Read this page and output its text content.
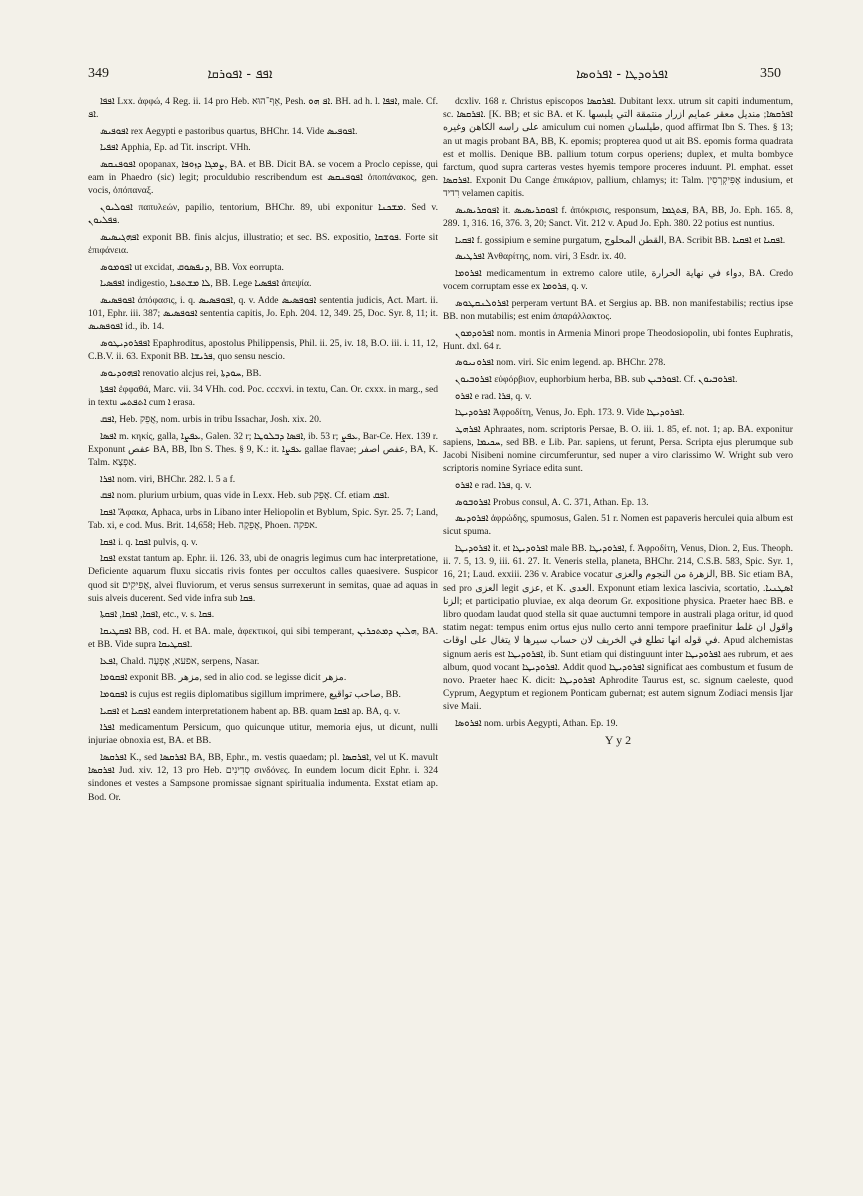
349	ܐܦܦ - ܐܦܘܪܩܐ	ܐܦܪܘܕܛܐ - ܐܦܪܘܣܐ	350

ܐܦܦܐ Lxx. ἀφφώ, 4 Reg. ii. 14 pro Heb. אֵף־הוּא, Pesh. ܐܦ ܗܘ. BH. ad h. l. ܐܦܦܐ, male. Cf. ܐܦ.

ܐܦܘܦܝܣ rex Aegypti e pastoribus quartus, BHChr. 14. Vide ܐܦܘܦܝܣ.

ܐܦܦܝܐ Apphia, Ep. ad Tit. inscript. VHh.

ܐܦܘܦܢܩܣ opopanax, ܨܡܓܐ ܕܙܘܦܐ, BA. et BB. Dicit BA. se vocem a Proclo cepisse, qui eam in Phaedro (sic) legit; proculdubio rescribendum est ܐܦܘܦܢܩܣ ὀποπάνακος, gen. vocis, ὀπόπαναξ.

ܐܦܘܠܝܘܢ παπυλεών, papilio, tentorium, BHChr. 89, ubi exponitur ܡܫܟܢܐ. Sed v. ܦܦܠܝܘܢ.

ܐܦܗܓܝܣܝܣ exponit BB. finis alcjus, illustratio; et sec. BS. expositio, ܦܘܫܩܐ. Forte sit ἐπιφάνεια.

ܐܦܘܡܘܣ ut excidat, ܕܢܦܣܘܩ, BB. Vox eorrupta.

ܐܦܦܣܝܐ indigestio, ܠܐ ܡܫܬܦܝܐ, BB. Lege ܐܦܦܣܝܐ ἀπεψία.

ܐܦܘܦܣܝܣ ἀπόφασις, i. q. ܐܦܘܦܣܝܣ, q. v. Adde ܐܦܘܦܣܝܣ sententia judicis, Act. Mart. ii. 101, Ephr. iii. 387; ܐܦܘܦܣܝܣ sententia capitis, Jo. Eph. 204. 12, 349. 25, Doc. Syr. 8, 11; it. ܐܦܘܦܣܝܣ id., ib. 14.

ܐܦܦܪܘܕܝܛܘܣ Epaphroditus, apostolus Philippensis, Phil. ii. 25, iv. 18, B.O. iii. i. 11, 12, C.B.V. ii. 63. Exponit BB. ܦܪܝܫܐ, quo sensu nescio.

ܐܦܗܘܕܝܘܣ renovatio alcjus rei, ܚܘܕܬܐ, BB.

ܐܦܦܬܐ ἐφφαθά, Marc. vii. 34 VHh. cod. Poc. cccxvi. in textu, Can. Or. cxxx. in marg., sed in textu ܐܬܦܬܚ cum ܐ erasa.

ܐܦܩ, Heb. אֲפֵק, nom. urbis in tribu Issachar, Josh. xix. 20.

ܐܦܣܐ m. κηκίς, galla, ܥܦܨܐ, Galen. 32 r; ܐܦܣܐ ܕܒܠܘܛܐ, ib. 53 r; ܥܦܨ, Bar-Ce. Hex. 139 r. Exponunt عفص BA, BB, Ibn S. Thes. § 9, K.: it. ܥܦܨܐ gallae flavae; عفص اصفر, BA, K. Talm. אַפְצָא.

ܐܦܪܐ nom. viri, BHChr. 282. l. 5 a f.

ܐܦܩ nom. plurium urbium, quas vide in Lexx. Heb. sub אֲפֵק. Cf. etiam ܐܦܩ.

ܐܦܩܐ Ἄφακα, Aphaca, urbs in Libano inter Heliopolin et Byblum, Spic. Syr. 25. 7; Land, Tab. xi, e cod. Mus. Brit. 14,658; Heb. אֲפֵקָה, Phoen. אפקה.

ܐܦܩܐ i. q. ܐܦܩܐ pulvis, q. v.

ܐܦܩܐ exstat tantum ap. Ephr. ii. 126. 33, ubi de onagris legimus cum hac interpretatione, Deficiente aquarum fluxu siccatis rivis fontes per occultos calles quaesivere. Suspicor quod sit אֲפִיקִים, alvei fluviorum, et verus sensus surrexerunt in semitas, quae ad aquas in suis alveis ducerent. Sed vide infra sub ܦܩܐ.

ܐܦܩܐ, ܐܦܩܐ, ܐܦܩܬܐ, etc., v. s. ܦܩܐ.

ܐܦܩܛܝܩܐ BB, cod. H. et BA. male, ἀφεκτικοί, qui sibi temperant, ܗܠܝܢ ܕܡܬܟܪܝܢ, BA. et BB. Vide supra ܐܦܩܛܝܩܐ.

ܐܦܥܐ, Chald. אפעא, אֶפְעֶה, serpens, Nasar.

ܐܦܩܘܡܐ exponit BB. مزهر, sed in alio cod. se legisse dicit مزهر.

ܐܦܩܘܡܐ is cujus est regiis diplomatibus sigillum imprimere, صاحب تواقيع, BB.

ܐܦܩܝܐ et ܐܦܩܝܐ eandem interpretationem habent ap. BB. quam ܐܦܩܐ ap. BA, q. v.

ܐܦܪܐ medicamentum Persicum, quo quicunque utitur, memoria ejus, ut dicunt, nulli injuriae obnoxia est, BA. et BB.

ܐܦܪܩܣܐ K., sed ܐܦܪܩܣܐ BA, BB, Ephr., m. vestis quaedam; pl. ܐܦܪܩܣܐ, vel ut K. mavult ܐܦܪܩܣܐ Jud. xiv. 12, 13 pro Heb. סְדִינִים σινδόνες. In eundem locum dicit Ephr. i. 324 sindones et vestes a Sampsone promissae signant spiritualia indumenta. Exstat etiam ap. Bod. Or.

dcxliv. 168 r. Christus episcopos ܐܦܪܩܣܐ. Dubitant lexx. utrum sit capiti indumentum, sc. ܐܦܪܩܣܐ. [K. BB; et sic BA. et K. ܐܦܪܩܣܐ; منديل معقر عمايم ازرار منتمقة التي يلبسها على راسه الكاهن وغيره amiculum cui nomen طيلسان, quod affirmat Ibn S. Thes. § 13; an ut magis probant BA, BB, K. epomis; propterea quod ut ait BS. epomis forma quadrata est et mollis. Denique BB. pallium totum corpus operiens; duplex, et multa bombyce farctum, quod supra carteras vestes hyemis tempore proceres induunt. Pl. emphat. esset ܐܦܪܩܣܐ. Exponit Du Cange ἐπικάριον, pallium, chlamys; it: Talm. אֶפִּיקְרְסִין indusium, et רִדיד velamen capitis.

ܐܦܘܩܪܝܣܝܣ it. ܐܦܘܩܪܝܣܝܣ f. ἀπόκρισις, responsum, ܦܬܓܡܐ, BA, BB, Jo. Eph. 165. 8, 289. 1, 316. 16, 376. 3, 20; Sanct. Vit. 212 v. Apud Jo. Eph. 380. 22 potius est nuntius.

ܐܦܩܝܐ f. gossipium e semine purgatum, القطن المحلوج, BA. Scribit BB. ܐܦܩܝܐ et ܐܦܩܝܐ.

ܐܦܪܛܝܣ Ἀνθαρίτης, nom. viri, 3 Esdr. ix. 40.

ܐܦܪܘܡܐ medicamentum in extremo calore utile, دواء في نهاية الحرارة, BA. Credo vocem corruptam esse ex ܦܪܘܡܐ, q. v.

ܐܦܪܘܠܢܩܛܘܣ perperam vertunt BA. et Sergius ap. BB. non manifestabilis; rectius ipse BB. non mutabilis; est enim ἀπαράλλακτος.

ܐܦܪܘܕܡܘܢ nom. montis in Armenia Minori prope Theodosiopolin, ubi fontes Euphratis, Hunt. dxl. 64 r.

ܐܦܪܘܢܝܘܣ nom. viri. Sic enim legend. ap. BHChr. 278.

ܐܦܪܘܒܝܘܢ εὐφόρβιον, euphorbium herba, BB. sub ܐܦܘܪܒܝܢ. Cf. ܐܦܪܘܒܝܘܢ.

ܐܦܪܘ e rad. ܦܪܐ, q. v.

ܐܦܪܘܕܝܛܐ Ἀφροδίτη, Venus, Jo. Eph. 173. 9. Vide ܐܦܪܘܕܝܛܐ.

ܐܦܪܗܛ Aphraates, nom. scriptoris Persae, B. O. iii. 1. 85, ef. not. 1; ap. BA. exponitur sapiens, ܚܟܝܡܐ, sed BB. e Lib. Par. sapiens, ut ferunt, Persa. Scripta ejus plerumque sub Jacobi Nisibeni nomine circumferuntur, sed nuper a viro clarissimo W. Wright sub vero scriptoris nomine Syriace edita sunt.

ܐܦܪܘ e rad. ܦܪܐ, q. v.

ܐܦܪܘܒܘܣ Probus consul, A. C. 371, Athan. Ep. 13.

ܐܦܪܘܕܝܣ ἀφρώδης, spumosus, Galen. 51 r. Nomen est papaveris herculei quia album est sicut spuma.

ܐܦܪܘܕܝܛܐ it. et ܐܦܪܘܕܝܛܐ male BB. ܐܦܪܘܕܝܛܐ, f. Ἀφροδίτη, Venus, Dion. 2, Eus. Theoph. ii. 7. 5, 13. 9, iii. 61. 27. It. Veneris stella, planeta, BHChr. 214, C.S.B. 583, Spic. Syr. 1, 16, 21; Laud. exxiii. 236 v. Arabice vocatur الزهرة من النجوم والعزى, BB. Sic etiam BA, sed pro العزى legit عزى, et K. العدى. Exponunt etiam lexica lascivia, scortatio, ܐܣܛܢܝܐ. الزنا; et participatio pluviae, ex alqa deorum Gr. expositione physica. Praeter haec BB. e libro quodam laudat quod stella sit quae auctumni tempore in australi plaga oritur, id quod statim negat: tempus enim ortus ejus nullo certo anni tempore praefinitur واقول ان غلط في قوله انها تطلع في الخريف لان حساب سيرها لا يتغال على اوقات. Apud alchemistas signum aeris est ܐܦܪܘܕܝܛܐ, ib. Sunt etiam qui distinguunt inter ܐܦܪܘܕܝܛܐ aes rubrum, et aes album, quod vocant ܐܦܪܘܕܝܛܐ. Addit quod ܐܦܪܘܕܝܛܐ significat aes combustum et fusum de novo. Praeter haec K. dicit: ܐܦܪܘܕܝܛܐ Aphrodite Taurus est, sc. signum caeleste, quod Cyprum, Aegyptum et regionem Ponticam gubernat; est autem signum Zodiaci mensis Ijar sive Maii.

ܐܦܪܘܣܐ nom. urbis Aegypti, Athan. Ep. 19.

Y y 2
